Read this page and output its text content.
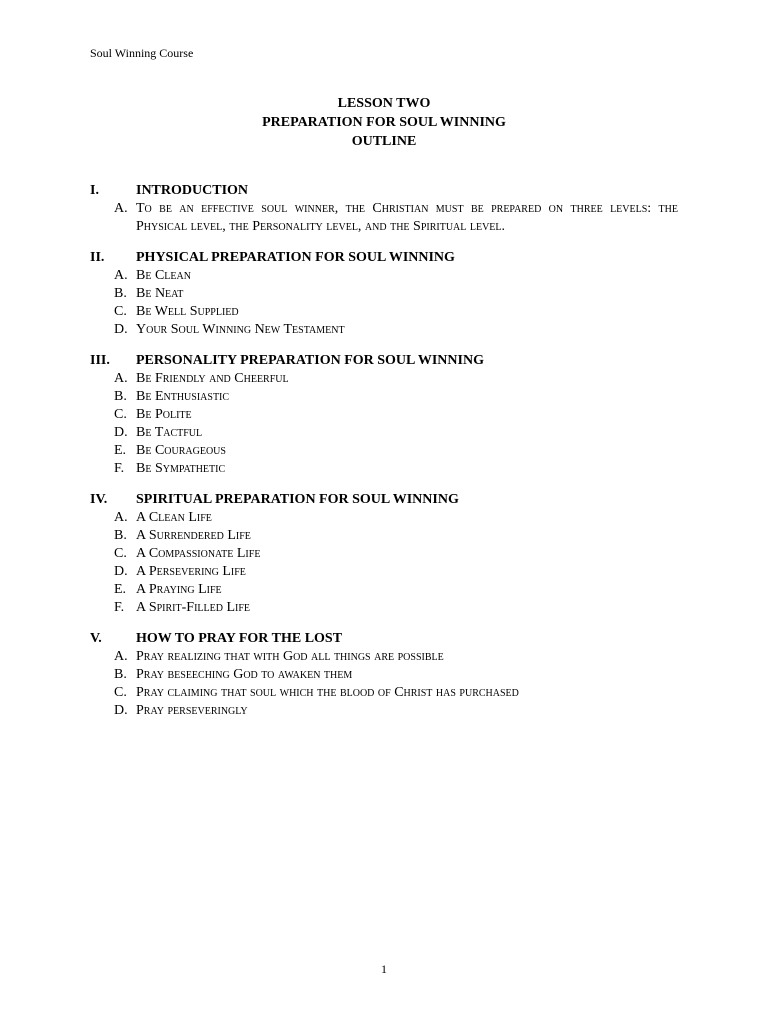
Soul Winning Course
LESSON TWO
PREPARATION FOR SOUL WINNING
OUTLINE
I.	INTRODUCTION
A. To be an effective soul winner, the Christian must be prepared on three levels: the Physical level, the Personality level, and the Spiritual level.
II.	PHYSICAL PREPARATION FOR SOUL WINNING
A. Be Clean
B. Be Neat
C. Be Well Supplied
D. Your Soul Winning New Testament
III.	PERSONALITY PREPARATION FOR SOUL WINNING
A. Be Friendly and Cheerful
B. Be Enthusiastic
C. Be Polite
D. Be Tactful
E. Be Courageous
F. Be Sympathetic
IV.	SPIRITUAL PREPARATION FOR SOUL WINNING
A. A Clean Life
B. A Surrendered Life
C. A Compassionate Life
D. A Persevering Life
E. A Praying Life
F. A Spirit-Filled Life
V.	HOW TO PRAY FOR THE LOST
A. Pray realizing that with God all things are possible
B. Pray beseeching God to awaken them
C. Pray claiming that soul which the blood of Christ has purchased
D. Pray perseveringly
1
